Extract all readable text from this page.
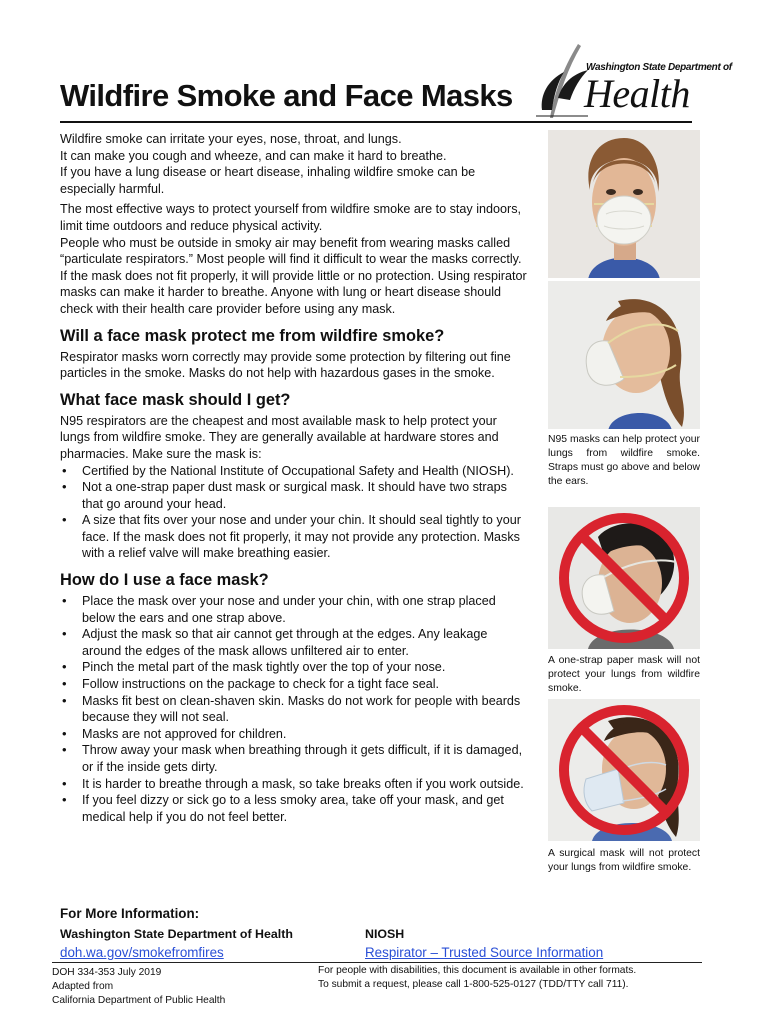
Wildfire Smoke and Face Masks
Washington State Department of
Health

Wildfire smoke can irritate your eyes, nose, throat, and lungs.
It can make you cough and wheeze, and can make it hard to breathe.
If you have a lung disease or heart disease, inhaling wildfire smoke can be especially harmful.

The most effective ways to protect yourself from wildfire smoke are to stay indoors, limit time outdoors and reduce physical activity.
People who must be outside in smoky air may benefit from wearing masks called “particulate respirators.” Most people will find it difficult to wear the masks correctly. If the mask does not fit properly, it will provide little or no protection. Using respirator masks can make it harder to breathe. Anyone with lung or heart disease should check with their health care provider before using any mask.

Will a face mask protect me from wildfire smoke?

Respirator masks worn correctly may provide some protection by filtering out fine particles in the smoke. Masks do not help with hazardous gases in the smoke.

What face mask should I get?

N95 respirators are the cheapest and most available mask to help protect your lungs from wildfire smoke. They are generally available at hardware stores and pharmacies. Make sure the mask is:

• Certified by the National Institute of Occupational Safety and Health (NIOSH).
• Not a one-strap paper dust mask or surgical mask. It should have two straps that go around your head.
• A size that fits over your nose and under your chin. It should seal tightly to your face. If the mask does not fit properly, it may not provide any protection. Masks with a relief valve will make breathing easier.
How do I use a face mask?
• Place the mask over your nose and under your chin, with one strap placed below the ears and one strap above.
• Adjust the mask so that air cannot get through at the edges. Any leakage around the edges of the mask allows unfiltered air to enter.
• Pinch the metal part of the mask tightly over the top of your nose.
• Follow instructions on the package to check for a tight face seal.
• Masks fit best on clean-shaven skin. Masks do not work for people with beards because they will not seal.
• Masks are not approved for children.
• Throw away your mask when breathing through it gets difficult, if it is damaged, or if the inside gets dirty.
• It is harder to breathe through a mask, so take breaks often if you work outside.
• If you feel dizzy or sick go to a less smoky area, take off your mask, and get medical help if you do not feel better.
N95 masks can help protect your lungs from wildfire smoke. Straps must go above and below the ears.
A one-strap paper mask will not protect your lungs from wildfire smoke.
A surgical mask will not protect your lungs from wildfire smoke.
For More Information:
Washington State Department of Health
doh.wa.gov/smokefromfires
NIOSH
Respirator – Trusted Source Information
DOH 334-353 July 2019
Adapted from
California Department of Public Health
For people with disabilities, this document is available in other formats.
To submit a request, please call 1-800-525-0127 (TDD/TTY call 711).
